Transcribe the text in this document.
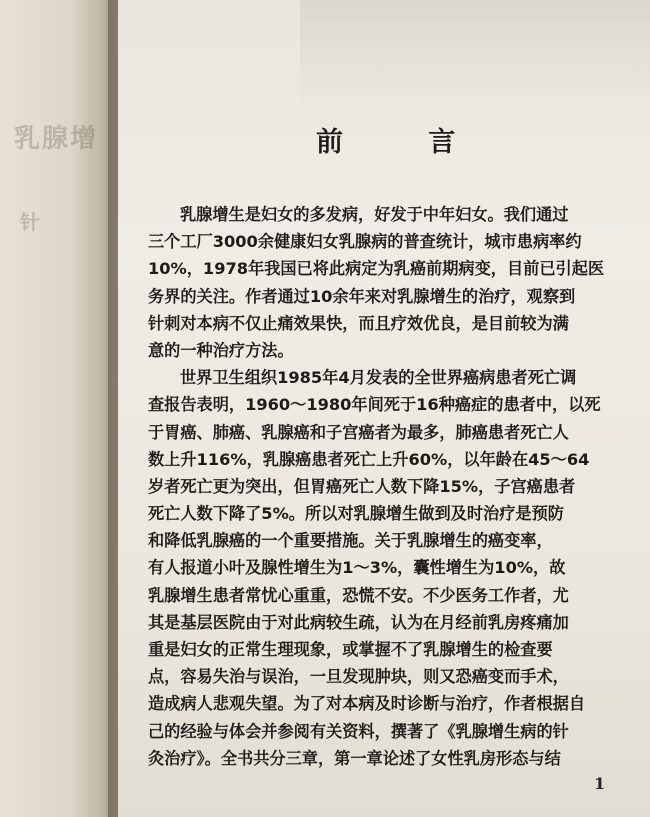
乳腺增
针
前 言
乳腺增生是妇女的多发病，好发于中年妇女。我们通过
三个工厂3000余健康妇女乳腺病的普查统计，城市患病率约
10%，1978年我国已将此病定为乳癌前期病变，目前已引起医
务界的关注。作者通过10余年来对乳腺增生的治疗，观察到
针刺对本病不仅止痛效果快，而且疗效优良，是目前较为满
意的一种治疗方法。
世界卫生组织1985年4月发表的全世界癌病患者死亡调
查报告表明，1960～1980年间死于16种癌症的患者中，以死
于胃癌、肺癌、乳腺癌和子宫癌者为最多，肺癌患者死亡人
数上升116%，乳腺癌患者死亡上升60%，以年龄在45～64
岁者死亡更为突出，但胃癌死亡人数下降15%，子宫癌患者
死亡人数下降了5%。所以对乳腺增生做到及时治疗是预防
和降低乳腺癌的一个重要措施。关于乳腺增生的癌变率，
有人报道小叶及腺性增生为1～3%，囊性增生为10%，故
乳腺增生患者常忧心重重，恐慌不安。不少医务工作者，尤
其是基层医院由于对此病较生疏，认为在月经前乳房疼痛加
重是妇女的正常生理现象，或掌握不了乳腺增生的检查要
点，容易失治与误治，一旦发现肿块，则又恐癌变而手术，
造成病人悲观失望。为了对本病及时诊断与治疗，作者根据自
己的经验与体会并参阅有关资料，撰著了《乳腺增生病的针
灸治疗》。全书共分三章，第一章论述了女性乳房形态与结
1
